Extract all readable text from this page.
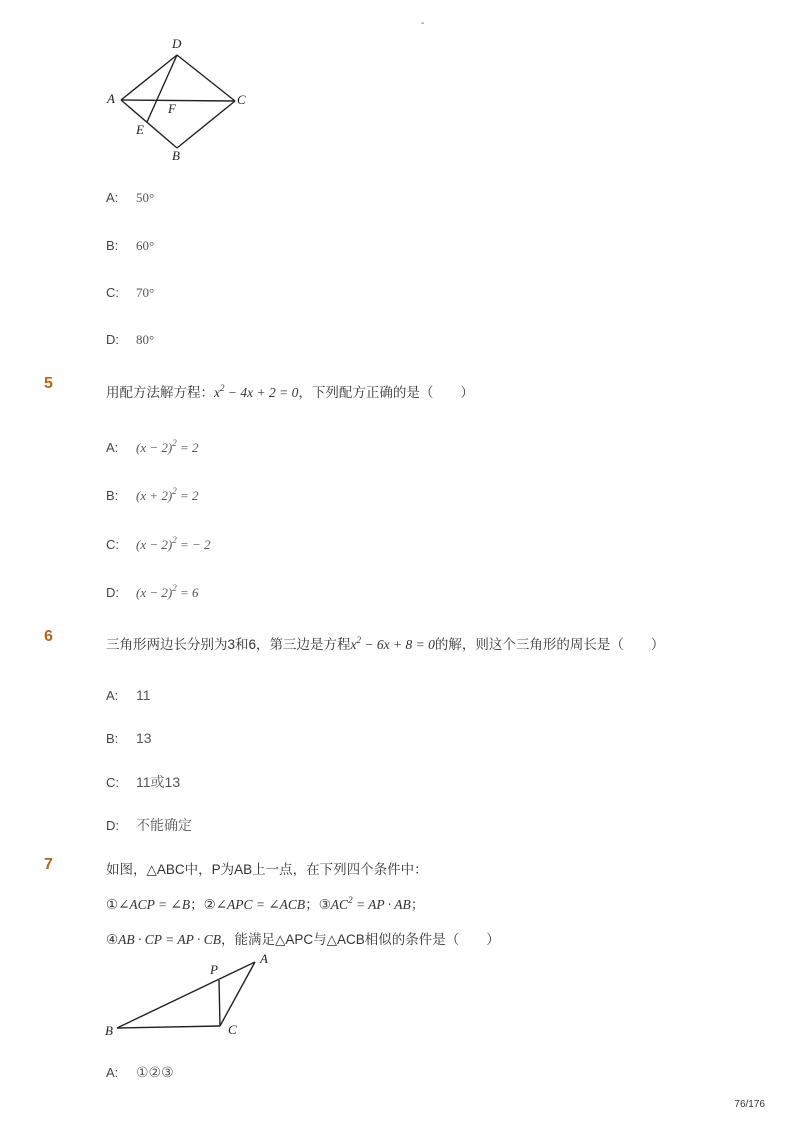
-
D
A	C
F
E
B
A: 50°
B: 60°
C: 70°
D: 80°
5
用配方法解方程：$x^2 - 4x + 2 = 0$，下列配方正确的是（　　）
A: $(x - 2)^2 = 2$
B: $(x + 2)^2 = 2$
C: $(x - 2)^2$ = − 2
D: $(x - 2)^2 = 6$
6	三角形两边长分别为3和6，第三边是方程$x^2 - 6x + 8 = 0$的解，则这个三角形的周长是（　　）
A: 11
B: 13
C: 11或13
D: 不能确定
7	如图，△ABC中，P为AB上一点，在下列四个条件中：
①∠ACP = ∠B；②∠APC = ∠ACB；$③AC^2$ = AP · AB；
④AB · CP = AP · CB，能满足△APC与△ACB相似的条件是（　　）
A
P
B	C
A: ①②③
76/176
